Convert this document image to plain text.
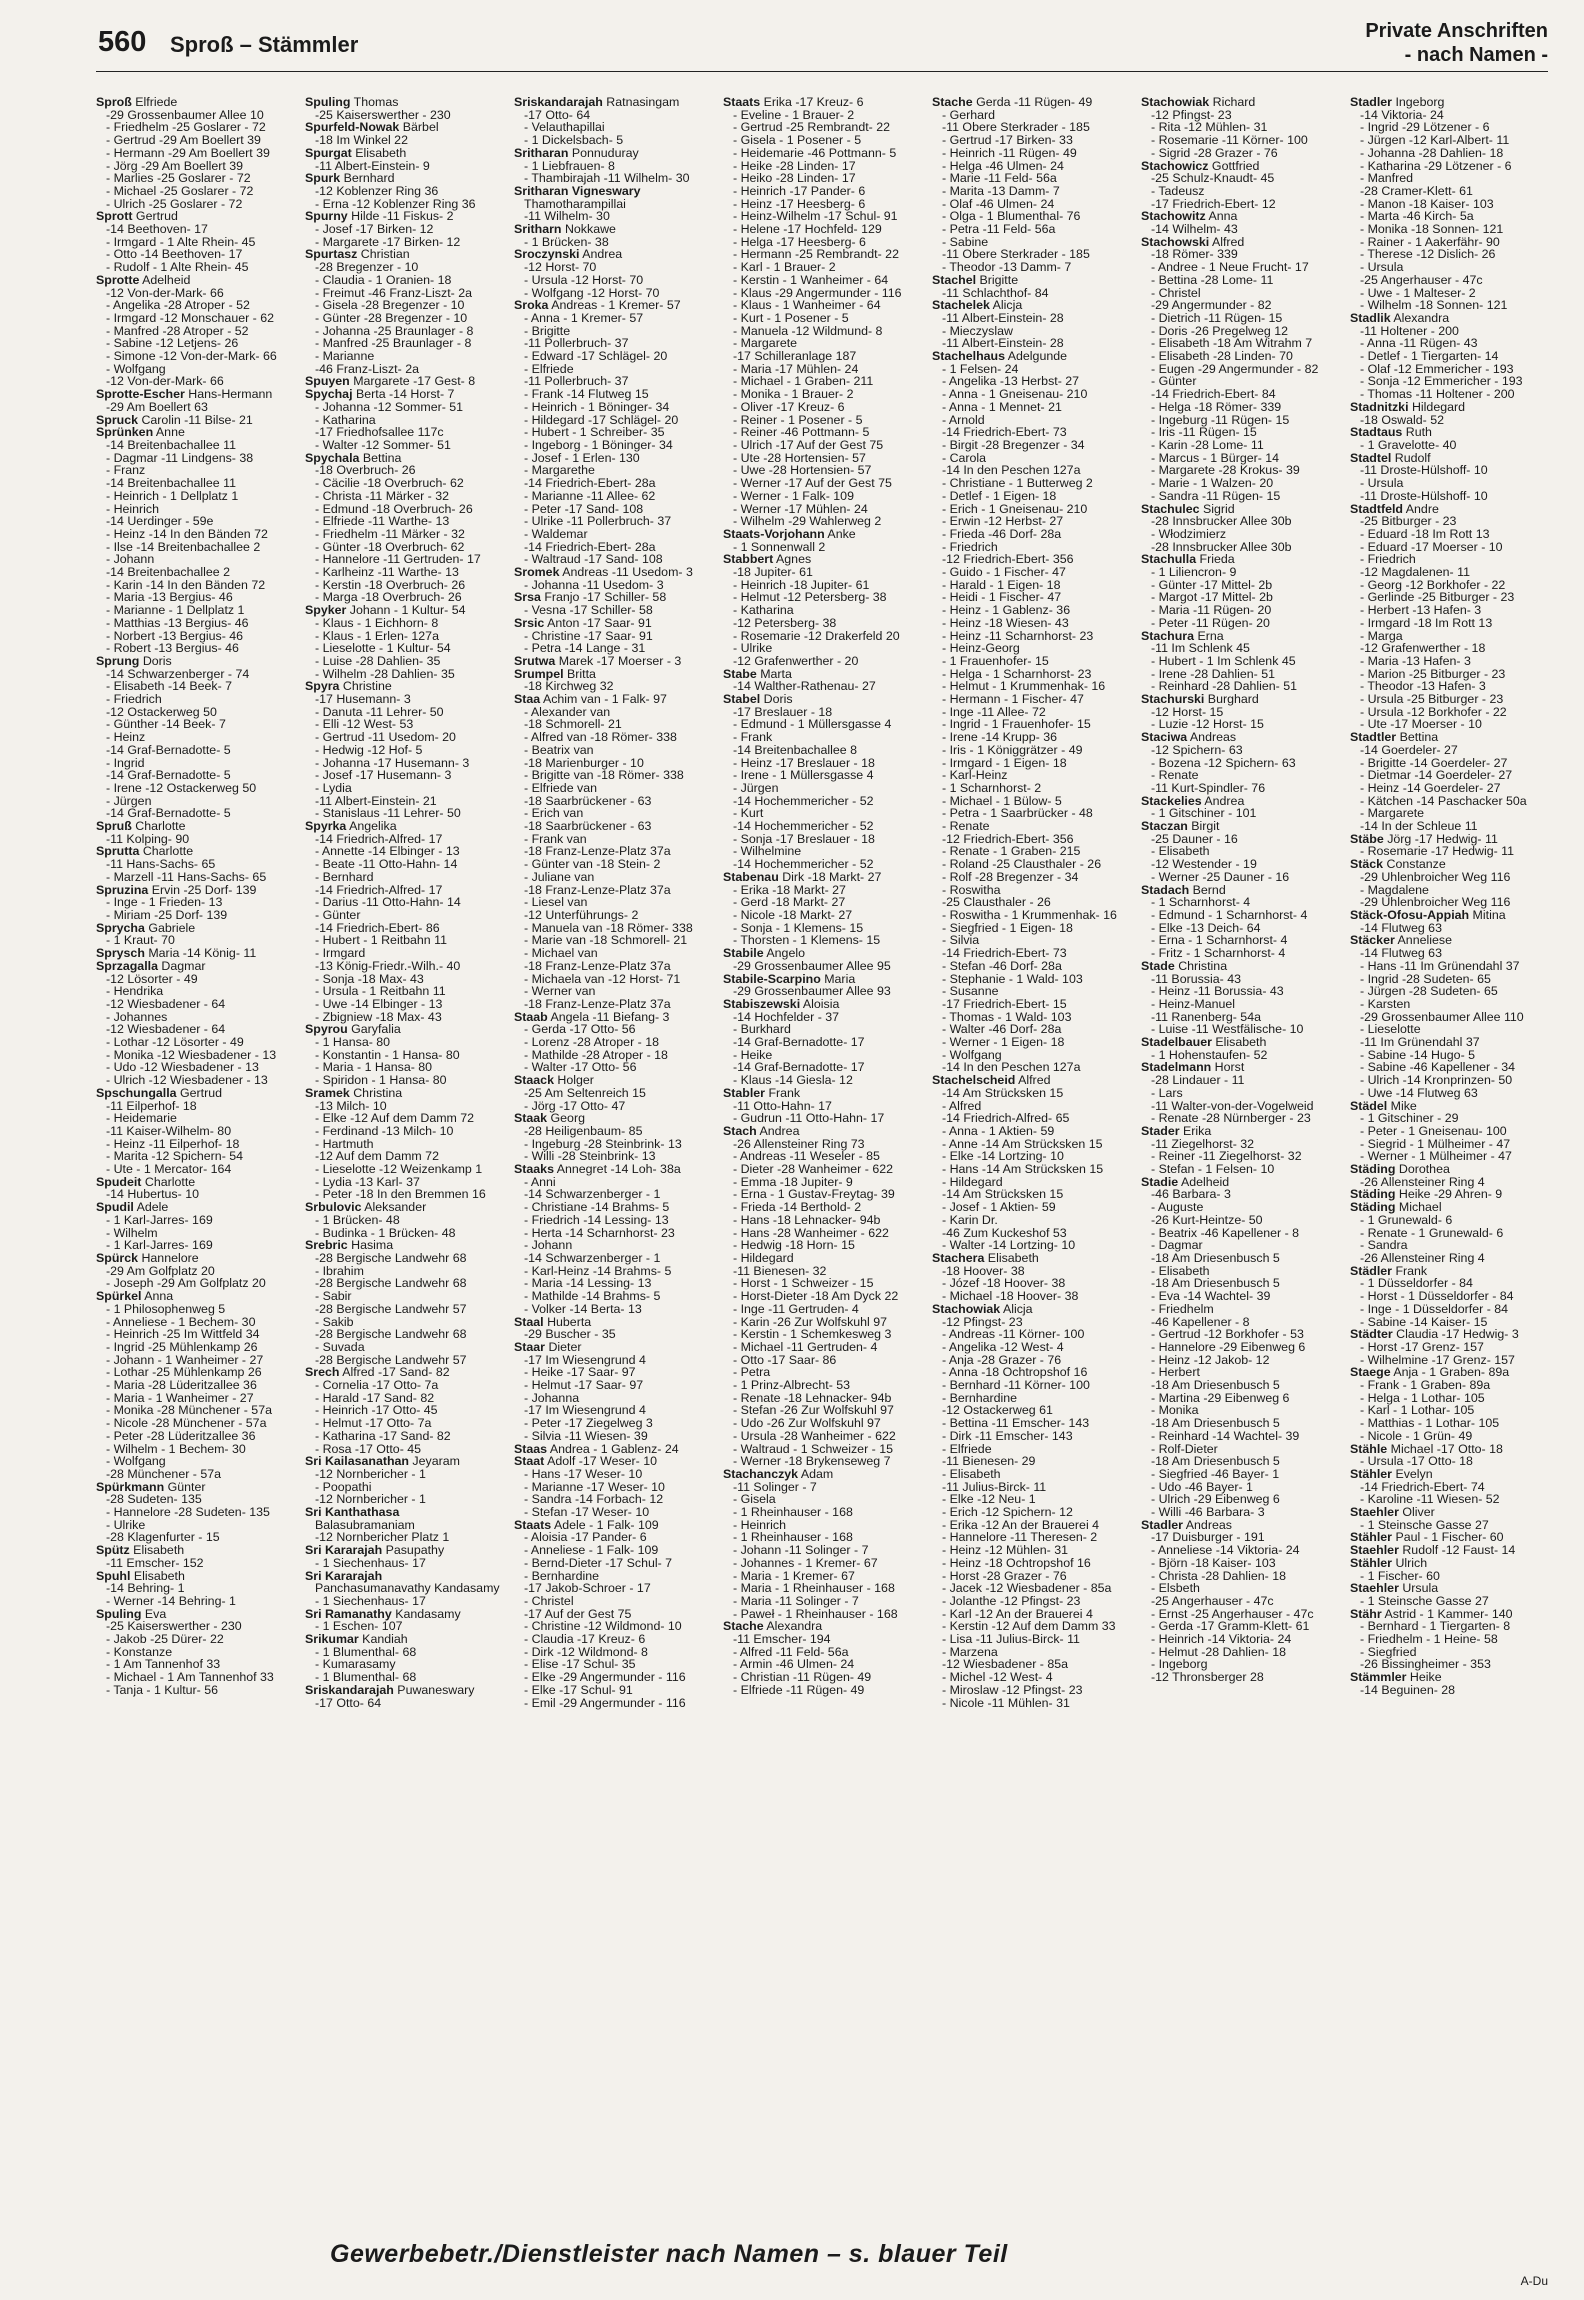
560 Sproß – Stämmler
Private Anschriften
- nach Namen -
Sproß Elfriede
-29 Grossenbaumer Allee 10
- Friedhelm -25 Goslarer - 72
- Gertrud -29 Am Boellert 39
- Hermann -29 Am Boellert 39
- Jörg -29 Am Boellert 39
- Marlies -25 Goslarer - 72
- Michael -25 Goslarer - 72
- Ulrich -25 Goslarer - 72
Sprott Gertrud
-14 Beethoven- 17
- Irmgard - 1 Alte Rhein- 45
- Otto -14 Beethoven- 17
- Rudolf - 1 Alte Rhein- 45
Sprotte Adelheid
-12 Von-der-Mark- 66
- Angelika -28 Atroper - 52
- Irmgard -12 Monschauer - 62
- Manfred -28 Atroper - 52
- Sabine -12 Letjens- 26
- Simone -12 Von-der-Mark- 66
- Wolfgang
-12 Von-der-Mark- 66
Sprotte-Escher Hans-Hermann
-29 Am Boellert 63
Spruck Carolin -11 Bilse- 21
Sprünken Anne
-14 Breitenbachallee 11
- Dagmar -11 Lindgens- 38
- Franz
-14 Breitenbachallee 11
- Heinrich - 1 Dellplatz 1
- Heinrich
-14 Uerdinger - 59e
- Heinz -14 In den Bänden 72
- Ilse -14 Breitenbachallee 2
- Johann
-14 Breitenbachallee 2
- Karin -14 In den Bänden 72
- Maria -13 Bergius- 46
- Marianne - 1 Dellplatz 1
- Matthias -13 Bergius- 46
- Norbert -13 Bergius- 46
- Robert -13 Bergius- 46
Sprung Doris
-14 Schwarzenberger - 74
- Elisabeth -14 Beek- 7
- Friedrich
-12 Ostackerweg 50
- Günther -14 Beek- 7
- Heinz
-14 Graf-Bernadotte- 5
- Ingrid
-14 Graf-Bernadotte- 5
- Irene -12 Ostackerweg 50
- Jürgen
-14 Graf-Bernadotte- 5
Spruß Charlotte
-11 Kolping- 90
Sprutta Charlotte
-11 Hans-Sachs- 65
- Marzell -11 Hans-Sachs- 65
Spruzina Ervin -25 Dorf- 139
- Inge - 1 Frieden- 13
- Miriam -25 Dorf- 139
Sprycha Gabriele
- 1 Kraut- 70
Sprysch Maria -14 König- 11
Sprzagalla Dagmar
-12 Lösorter - 49
- Hendrika
-12 Wiesbadener - 64
- Johannes
-12 Wiesbadener - 64
- Lothar -12 Lösorter - 49
- Monika -12 Wiesbadener - 13
- Udo -12 Wiesbadener - 13
- Ulrich -12 Wiesbadener - 13
Spschungalla Gertrud
-11 Eilperhof- 18
- Heidemarie
-11 Kaiser-Wilhelm- 80
- Heinz -11 Eilperhof- 18
- Marita -12 Spichern- 54
- Ute - 1 Mercator- 164
Spudeit Charlotte
-14 Hubertus- 10
Spudil Adele
- 1 Karl-Jarres- 169
- Wilhelm
- 1 Karl-Jarres- 169
Spürck Hannelore
-29 Am Golfplatz 20
- Joseph -29 Am Golfplatz 20
Spürkel Anna
- 1 Philosophenweg 5
- Anneliese - 1 Bechem- 30
- Heinrich -25 Im Wittfeld 34
- Ingrid -25 Mühlenkamp 26
- Johann - 1 Wanheimer - 27
- Lothar -25 Mühlenkamp 26
- Maria -28 Lüderitzallee 36
- Maria - 1 Wanheimer - 27
- Monika -28 Münchener - 57a
- Nicole -28 Münchener - 57a
- Peter -28 Lüderitzallee 36
- Wilhelm - 1 Bechem- 30
- Wolfgang
-28 Münchener - 57a
Spürkmann Günter
-28 Sudeten- 135
- Hannelore -28 Sudeten- 135
- Ulrike
-28 Klagenfurter - 15
Spütz Elisabeth
-11 Emscher- 152
Spuhl Elisabeth
-14 Behring- 1
- Werner -14 Behring- 1
Spuling Eva
-25 Kaiserswerther - 230
- Jakob -25 Dürer- 22
- Konstanze
- 1 Am Tannenhof 33
- Michael - 1 Am Tannenhof 33
- Tanja - 1 Kultur- 56
Spuling Thomas
-25 Kaiserswerther - 230
Spurfeld-Nowak Bärbel
-18 Im Winkel 22
Spurgat Elisabeth
-11 Albert-Einstein- 9
Spurk Bernhard
-12 Koblenzer Ring 36
- Erna -12 Koblenzer Ring 36
Spurny Hilde -11 Fiskus- 2
- Josef -17 Birken- 12
- Margarete -17 Birken- 12
Spurtasz Christian
-28 Bregenzer - 10
- Claudia - 1 Oranien- 18
- Freimut -46 Franz-Liszt- 2a
- Gisela -28 Bregenzer - 10
- Günter -28 Bregenzer - 10
- Johanna -25 Braunlager - 8
- Manfred -25 Braunlager - 8
- Marianne
-46 Franz-Liszt- 2a
Spuyen Margarete -17 Gest- 8
Spychaj Berta -14 Horst- 7
- Johanna -12 Sommer- 51
- Katharina
-17 Friedhofsallee 117c
- Walter -12 Sommer- 51
Spychala Bettina
-18 Overbruch- 26
- Cäcilie -18 Overbruch- 62
- Christa -11 Märker - 32
- Edmund -18 Overbruch- 26
- Elfriede -11 Warthe- 13
- Friedhelm -11 Märker - 32
- Günter -18 Overbruch- 62
- Hannelore -11 Gertruden- 17
- Karlheinz -11 Warthe- 13
- Kerstin -18 Overbruch- 26
- Marga -18 Overbruch- 26
Spyker Johann - 1 Kultur- 54
- Klaus - 1 Eichhorn- 8
- Klaus - 1 Erlen- 127a
- Lieselotte - 1 Kultur- 54
- Luise -28 Dahlien- 35
- Wilhelm -28 Dahlien- 35
Spyra Christine
-17 Husemann- 3
- Danuta -11 Lehrer- 50
- Elli -12 West- 53
- Gertrud -11 Usedom- 20
- Hedwig -12 Hof- 5
- Johanna -17 Husemann- 3
- Josef -17 Husemann- 3
- Lydia
-11 Albert-Einstein- 21
- Stanislaus -11 Lehrer- 50
Spyrka Angelika
-14 Friedrich-Alfred- 17
- Annette -14 Elbinger - 13
- Beate -11 Otto-Hahn- 14
- Bernhard
-14 Friedrich-Alfred- 17
- Darius -11 Otto-Hahn- 14
- Günter
-14 Friedrich-Ebert- 86
- Hubert - 1 Reitbahn 11
- Irmgard
-13 König-Friedr.-Wilh.- 40
- Sonja -18 Max- 43
- Ursula - 1 Reitbahn 11
- Uwe -14 Elbinger - 13
- Zbigniew -18 Max- 43
Spyrou Garyfalia
- 1 Hansa- 80
- Konstantin - 1 Hansa- 80
- Maria - 1 Hansa- 80
- Spiridon - 1 Hansa- 80
Sramek Christina
-13 Milch- 10
- Elke -12 Auf dem Damm 72
- Ferdinand -13 Milch- 10
- Hartmuth
-12 Auf dem Damm 72
- Lieselotte -12 Weizenkamp 1
- Lydia -13 Karl- 37
- Peter -18 In den Bremmen 16
Srbulovic Aleksander
- 1 Brücken- 48
- Budinka - 1 Brücken- 48
Srebric Hasima
-28 Bergische Landwehr 68
- Ibrahim
-28 Bergische Landwehr 68
- Sabir
-28 Bergische Landwehr 57
- Sakib
-28 Bergische Landwehr 68
- Suvada
-28 Bergische Landwehr 57
Srech Alfred -17 Sand- 82
- Cornelia -17 Otto- 7a
- Harald -17 Sand- 82
- Heinrich -17 Otto- 45
- Helmut -17 Otto- 7a
- Katharina -17 Sand- 82
- Rosa -17 Otto- 45
Sri Kailasanathan Jeyaram
-12 Nornbericher - 1
- Poopathi
-12 Nornbericher - 1
Sri Kanthathasa
Balasubramaniam
-12 Nornbericher Platz 1
Sri Kararajah Pasupathy
- 1 Siechenhaus- 17
Sri Kararajah
Panchasumanavathy Kandasamy
- 1 Siechenhaus- 17
Sri Ramanathy Kandasamy
- 1 Eschen- 107
Srikumar Kandiah
- 1 Blumenthal- 68
- Kumarasamy
- 1 Blumenthal- 68
Sriskandarajah Puwaneswary
-17 Otto- 64
Sriskandarajah Ratnasingam
-17 Otto- 64
- Velauthapillai
- 1 Dickelsbach- 5
Sritharan Ponnuduray
- 1 Liebfrauen- 8
- Thambirajah -11 Wilhelm- 30
Sritharan Vigneswary
Thamotharampillai
-11 Wilhelm- 30
Sritharn Nokkawe
- 1 Brücken- 38
Sroczynski Andrea
-12 Horst- 70
- Ursula -12 Horst- 70
- Wolfgang -12 Horst- 70
Sroka Andreas - 1 Kremer- 57
- Anna - 1 Kremer- 57
- Brigitte
-11 Pollerbruch- 37
- Edward -17 Schlägel- 20
- Elfriede
-11 Pollerbruch- 37
- Frank -14 Flutweg 15
- Heinrich - 1 Böninger- 34
- Hildegard -17 Schlägel- 20
- Hubert - 1 Schreiber- 35
- Ingeborg - 1 Böninger- 34
- Josef - 1 Erlen- 130
- Margarethe
-14 Friedrich-Ebert- 28a
- Marianne -11 Allee- 62
- Peter -17 Sand- 108
- Ulrike -11 Pollerbruch- 37
- Waldemar
-14 Friedrich-Ebert- 28a
- Waltraud -17 Sand- 108
Sromek Andreas -11 Usedom- 3
- Johanna -11 Usedom- 3
Srsa Franjo -17 Schiller- 58
- Vesna -17 Schiller- 58
Srsic Anton -17 Saar- 91
- Christine -17 Saar- 91
- Petra -14 Lange - 31
Srutwa Marek -17 Moerser - 3
Srumpel Britta
-18 Kirchweg 32
Staa Achim van - 1 Falk- 97
- Alexander van
-18 Schmorell- 21
- Alfred van -18 Römer- 338
- Beatrix van
-18 Marienburger - 10
- Brigitte van -18 Römer- 338
- Elfriede van
-18 Saarbrückener - 63
- Erich van
-18 Saarbrückener - 63
- Frank van
-18 Franz-Lenze-Platz 37a
- Günter van -18 Stein- 2
- Juliane van
-18 Franz-Lenze-Platz 37a
- Liesel van
-12 Unterführungs- 2
- Manuela van -18 Römer- 338
- Marie van -18 Schmorell- 21
- Michael van
-18 Franz-Lenze-Platz 37a
- Michaela van -12 Horst- 71
- Werner van
-18 Franz-Lenze-Platz 37a
Staab Angela -11 Biefang- 3
- Gerda -17 Otto- 56
- Lorenz -28 Atroper - 18
- Mathilde -28 Atroper - 18
- Walter -17 Otto- 56
Staack Holger
-25 Am Seltenreich 15
- Jörg -17 Otto- 47
Staak Georg
-28 Heiligenbaum- 85
- Ingeburg -28 Steinbrink- 13
- Willi -28 Steinbrink- 13
Staaks Annegret -14 Loh- 38a
- Anni
-14 Schwarzenberger - 1
- Christiane -14 Brahms- 5
- Friedrich -14 Lessing- 13
- Herta -14 Scharnhorst- 23
- Johann
-14 Schwarzenberger - 1
- Karl-Heinz -14 Brahms- 5
- Maria -14 Lessing- 13
- Mathilde -14 Brahms- 5
- Volker -14 Berta- 13
Staal Huberta
-29 Buscher - 35
Staar Dieter
-17 Im Wiesengrund 4
- Heike -17 Saar- 97
- Helmut -17 Saar- 97
- Johanna
-17 Im Wiesengrund 4
- Peter -17 Ziegelweg 3
- Silvia -11 Wiesen- 39
Staas Andrea - 1 Gablenz- 24
Staat Adolf -17 Weser- 10
- Hans -17 Weser- 10
- Marianne -17 Weser- 10
- Sandra -14 Forbach- 12
- Stefan -17 Weser- 10
Staats Adele - 1 Falk- 109
- Aloisia -17 Pander- 6
- Anneliese - 1 Falk- 109
- Bernd-Dieter -17 Schul- 7
- Bernhardine
-17 Jakob-Schroer - 17
- Christel
-17 Auf der Gest 75
- Christine -12 Wildmond- 10
- Claudia -17 Kreuz- 6
- Dirk -12 Wildmond- 8
- Elise -17 Schul- 35
- Elke -29 Angermunder - 116
- Elke -17 Schul- 91
- Emil -29 Angermunder - 116
Staats Erika -17 Kreuz- 6
- Eveline - 1 Brauer- 2
- Gertrud -25 Rembrandt- 22
- Gisela - 1 Posener - 5
- Heidemarie -46 Pottmann- 5
- Heike -28 Linden- 17
- Heiko -28 Linden- 17
- Heinrich -17 Pander- 6
- Heinz -17 Heesberg- 6
- Heinz-Wilhelm -17 Schul- 91
- Helene -17 Hochfeld- 129
- Helga -17 Heesberg- 6
- Hermann -25 Rembrandt- 22
- Karl - 1 Brauer- 2
- Kerstin - 1 Wanheimer - 64
- Klaus -29 Angermunder - 116
- Klaus - 1 Wanheimer - 64
- Kurt - 1 Posener - 5
- Manuela -12 Wildmund- 8
- Margarete
-17 Schilleranlage 187
- Maria -17 Mühlen- 24
- Michael - 1 Graben- 211
- Monika - 1 Brauer- 2
- Oliver -17 Kreuz- 6
- Reiner - 1 Posener - 5
- Reiner -46 Pottmann- 5
- Ulrich -17 Auf der Gest 75
- Ute -28 Hortensien- 57
- Uwe -28 Hortensien- 57
- Werner -17 Auf der Gest 75
- Werner - 1 Falk- 109
- Werner -17 Mühlen- 24
- Wilhelm -29 Wahlerweg 2
Staats-Vorjohann Anke
- 1 Sonnenwall 2
Stabbert Agnes
-18 Jupiter- 61
- Heinrich -18 Jupiter- 61
- Helmut -12 Petersberg- 38
- Katharina
-12 Petersberg- 38
- Rosemarie -12 Drakerfeld 20
- Ulrike
-12 Grafenwerther - 20
Stabe Marta
-14 Walther-Rathenau- 27
Stabel Doris
-17 Breslauer - 18
- Edmund - 1 Müllersgasse 4
- Frank
-14 Breitenbachallee 8
- Heinz -17 Breslauer - 18
- Irene - 1 Müllersgasse 4
- Jürgen
-14 Hochemmericher - 52
- Kurt
-14 Hochemmericher - 52
- Sonja -17 Breslauer - 18
- Wilhelmine
-14 Hochemmericher - 52
Stabenau Dirk -18 Markt- 27
- Erika -18 Markt- 27
- Gerd -18 Markt- 27
- Nicole -18 Markt- 27
- Sonja - 1 Klemens- 15
- Thorsten - 1 Klemens- 15
Stabile Angelo
-29 Grossenbaumer Allee 95
Stabile-Scarpino Maria
-29 Grossenbaumer Allee 93
Stabiszewski Aloisia
-14 Hochfelder - 37
- Burkhard
-14 Graf-Bernadotte- 17
- Heike
-14 Graf-Bernadotte- 17
- Klaus -14 Giesla- 12
Stabler Frank
-11 Otto-Hahn- 17
- Gudrun -11 Otto-Hahn- 17
Stach Andrea
-26 Allensteiner Ring 73
- Andreas -11 Weseler - 85
- Dieter -28 Wanheimer - 622
- Emma -18 Jupiter- 9
- Erna - 1 Gustav-Freytag- 39
- Frieda -14 Berthold- 2
- Hans -18 Lehnacker- 94b
- Hans -28 Wanheimer - 622
- Hedwig -18 Horn- 15
- Hildegard
-11 Bienesen- 32
- Horst - 1 Schweizer - 15
- Horst-Dieter -18 Am Dyck 22
- Inge -11 Gertruden- 4
- Karin -26 Zur Wolfskuhl 97
- Kerstin - 1 Schemkesweg 3
- Michael -11 Gertruden- 4
- Otto -17 Saar- 86
- Petra
- 1 Prinz-Albrecht- 53
- Renate -18 Lehnacker- 94b
- Stefan -26 Zur Wolfskuhl 97
- Udo -26 Zur Wolfskuhl 97
- Ursula -28 Wanheimer - 622
- Waltraud - 1 Schweizer - 15
- Werner -18 Brykenseweg 7
Stachanczyk Adam
-11 Solinger - 7
- Gisela
- 1 Rheinhauser - 168
- Heinrich
- 1 Rheinhauser - 168
- Johann -11 Solinger - 7
- Johannes - 1 Kremer- 67
- Maria - 1 Kremer- 67
- Maria - 1 Rheinhauser - 168
- Maria -11 Solinger - 7
- Paweł - 1 Rheinhauser - 168
Stache Alexandra
-11 Emscher- 194
- Alfred -11 Feld- 56a
- Armin -46 Ulmen- 24
- Christian -11 Rügen- 49
- Elfriede -11 Rügen- 49
Stache Gerda -11 Rügen- 49
- Gerhard
-11 Obere Sterkrader - 185
- Gertrud -17 Birken- 33
- Heinrich -11 Rügen- 49
- Helga -46 Ulmen- 24
- Marie -11 Feld- 56a
- Marita -13 Damm- 7
- Olaf -46 Ulmen- 24
- Olga - 1 Blumenthal- 76
- Petra -11 Feld- 56a
- Sabine
-11 Obere Sterkrader - 185
- Theodor -13 Damm- 7
Stachel Brigitte
-11 Schlachthof- 84
Stachelek Alicja
-11 Albert-Einstein- 28
- Mieczyslaw
-11 Albert-Einstein- 28
Stachelhaus Adelgunde
- 1 Felsen- 24
- Angelika -13 Herbst- 27
- Anna - 1 Gneisenau- 210
- Anna - 1 Mennet- 21
- Arnold
-14 Friedrich-Ebert- 73
- Birgit -28 Bregenzer - 34
- Carola
-14 In den Peschen 127a
- Christiane - 1 Butterweg 2
- Detlef - 1 Eigen- 18
- Erich - 1 Gneisenau- 210
- Erwin -12 Herbst- 27
- Frieda -46 Dorf- 28a
- Friedrich
-12 Friedrich-Ebert- 356
- Guido - 1 Fischer- 47
- Harald - 1 Eigen- 18
- Heidi - 1 Fischer- 47
- Heinz - 1 Gablenz- 36
- Heinz -18 Wiesen- 43
- Heinz -11 Scharnhorst- 23
- Heinz-Georg
- 1 Frauenhofer- 15
- Helga - 1 Scharnhorst- 23
- Helmut - 1 Krummenhak- 16
- Hermann - 1 Fischer- 47
- Inge -11 Allee- 72
- Ingrid - 1 Frauenhofer- 15
- Irene -14 Krupp- 36
- Iris - 1 Königgrätzer - 49
- Irmgard - 1 Eigen- 18
- Karl-Heinz
- 1 Scharnhorst- 2
- Michael - 1 Bülow- 5
- Petra - 1 Saarbrücker - 48
- Renate
-12 Friedrich-Ebert- 356
- Renate - 1 Graben- 215
- Roland -25 Clausthaler - 26
- Rolf -28 Bregenzer - 34
- Roswitha
-25 Clausthaler - 26
- Roswitha - 1 Krummenhak- 16
- Siegfried - 1 Eigen- 18
- Silvia
-14 Friedrich-Ebert- 73
- Stefan -46 Dorf- 28a
- Stephanie - 1 Wald- 103
- Susanne
-17 Friedrich-Ebert- 15
- Thomas - 1 Wald- 103
- Walter -46 Dorf- 28a
- Werner - 1 Eigen- 18
- Wolfgang
-14 In den Peschen 127a
Stachelscheid Alfred
-14 Am Strücksken 15
- Alfred
-14 Friedrich-Alfred- 65
- Anna - 1 Aktien- 59
- Anne -14 Am Strücksken 15
- Elke -14 Lortzing- 10
- Hans -14 Am Strücksken 15
- Hildegard
-14 Am Strücksken 15
- Josef - 1 Aktien- 59
- Karin Dr.
-46 Zum Kuckeshof 53
- Walter -14 Lortzing- 10
Stachera Elisabeth
-18 Hoover- 38
- Józef -18 Hoover- 38
- Michael -18 Hoover- 38
Stachowiak Alicja
-12 Pfingst- 23
- Andreas -11 Körner- 100
- Angelika -12 West- 4
- Anja -28 Grazer - 76
- Anna -18 Ochtropshof 16
- Bernhard -11 Körner- 100
- Bernhardine
-12 Ostackerweg 61
- Bettina -11 Emscher- 143
- Dirk -11 Emscher- 143
- Elfriede
-11 Bienesen- 29
- Elisabeth
-11 Julius-Birck- 11
- Elke -12 Neu- 1
- Erich -12 Spichern- 12
- Erika -12 An der Brauerei 4
- Hannelore -11 Theresen- 2
- Heinz -12 Mühlen- 31
- Heinz -18 Ochtropshof 16
- Horst -28 Grazer - 76
- Jacek -12 Wiesbadener - 85a
- Jolanthe -12 Pfingst- 23
- Karl -12 An der Brauerei 4
- Kerstin -12 Auf dem Damm 33
- Lisa -11 Julius-Birck- 11
- Marzena
-12 Wiesbadener - 85a
- Michel -12 West- 4
- Miroslaw -12 Pfingst- 23
- Nicole -11 Mühlen- 31
Stachowiak Richard
-12 Pfingst- 23
- Rita -12 Mühlen- 31
- Rosemarie -11 Körner- 100
- Sigrid -28 Grazer - 76
Stachowicz Gottfried
-25 Schulz-Knaudt- 45
- Tadeusz
-17 Friedrich-Ebert- 12
Stachowitz Anna
-14 Wilhelm- 43
Stachowski Alfred
-18 Römer- 339
- Andree - 1 Neue Frucht- 17
- Bettina -28 Lome- 11
- Christel
-29 Angermunder - 82
- Dietrich -11 Rügen- 15
- Doris -26 Pregelweg 12
- Elisabeth -18 Am Witrahm 7
- Elisabeth -28 Linden- 70
- Eugen -29 Angermunder - 82
- Günter
-14 Friedrich-Ebert- 84
- Helga -18 Römer- 339
- Ingeburg -11 Rügen- 15
- Iris -11 Rügen- 15
- Karin -28 Lome- 11
- Marcus - 1 Bürger- 14
- Margarete -28 Krokus- 39
- Marie - 1 Walzen- 20
- Sandra -11 Rügen- 15
Stachulec Sigrid
-28 Innsbrucker Allee 30b
- Włodzimierz
-28 Innsbrucker Allee 30b
Stachulla Frieda
- 1 Liliencron- 9
- Günter -17 Mittel- 2b
- Margot -17 Mittel- 2b
- Maria -11 Rügen- 20
- Peter -11 Rügen- 20
Stachura Erna
-11 Im Schlenk 45
- Hubert - 1 Im Schlenk 45
- Irene -28 Dahlien- 51
- Reinhard -28 Dahlien- 51
Stachurski Burghard
-12 Horst- 15
- Luzie -12 Horst- 15
Staciwa Andreas
-12 Spichern- 63
- Bozena -12 Spichern- 63
- Renate
-11 Kurt-Spindler- 76
Stackelies Andrea
- 1 Gitschiner - 101
Staczan Birgit
-25 Dauner - 16
- Elisabeth
-12 Westender - 19
- Werner -25 Dauner - 16
Stadach Bernd
- 1 Scharnhorst- 4
- Edmund - 1 Scharnhorst- 4
- Elke -13 Deich- 64
- Erna - 1 Scharnhorst- 4
- Fritz - 1 Scharnhorst- 4
Stade Christina
-11 Borussia- 43
- Heinz -11 Borussia- 43
- Heinz-Manuel
-11 Ranenberg- 54a
- Luise -11 Westfälische- 10
Stadelbauer Elisabeth
- 1 Hohenstaufen- 52
Stadelmann Horst
-28 Lindauer - 11
- Lars
-11 Walter-von-der-Vogelweid
- Renate -28 Nürnberger - 23
Stader Erika
-11 Ziegelhorst- 32
- Reiner -11 Ziegelhorst- 32
- Stefan - 1 Felsen- 10
Stadie Adelheid
-46 Barbara- 3
- Auguste
-26 Kurt-Heintze- 50
- Beatrix -46 Kapellener - 8
- Dagmar
-18 Am Driesenbusch 5
- Elisabeth
-18 Am Driesenbusch 5
- Eva -14 Wachtel- 39
- Friedhelm
-46 Kapellener - 8
- Gertrud -12 Borkhofer - 53
- Hannelore -29 Eibenweg 6
- Heinz -12 Jakob- 12
- Herbert
-18 Am Driesenbusch 5
- Martina -29 Eibenweg 6
- Monika
-18 Am Driesenbusch 5
- Reinhard -14 Wachtel- 39
- Rolf-Dieter
-18 Am Driesenbusch 5
- Siegfried -46 Bayer- 1
- Udo -46 Bayer- 1
- Ulrich -29 Eibenweg 6
- Willi -46 Barbara- 3
Stadler Andreas
-17 Duisburger - 191
- Anneliese -14 Viktoria- 24
- Björn -18 Kaiser- 103
- Christa -28 Dahlien- 18
- Elsbeth
-25 Angerhauser - 47c
- Ernst -25 Angerhauser - 47c
- Gerda -17 Gramm-Klett- 61
- Heinrich -14 Viktoria- 24
- Helmut -28 Dahlien- 18
- Ingeborg
-12 Thronsberger 28
Stadler Ingeborg
-14 Viktoria- 24
- Ingrid -29 Lötzener - 6
- Jürgen -12 Karl-Albert- 11
- Johanna -28 Dahlien- 18
- Katharina -29 Lötzener - 6
- Manfred
-28 Cramer-Klett- 61
- Manon -18 Kaiser- 103
- Marta -46 Kirch- 5a
- Monika -18 Sonnen- 121
- Rainer - 1 Aakerfähr- 90
- Therese -12 Dislich- 26
- Ursula
-25 Angerhauser - 47c
- Uwe - 1 Malteser- 2
- Wilhelm -18 Sonnen- 121
Stadlik Alexandra
-11 Holtener - 200
- Anna -11 Rügen- 43
- Detlef - 1 Tiergarten- 14
- Olaf -12 Emmericher - 193
- Sonja -12 Emmericher - 193
- Thomas -11 Holtener - 200
Stadnitzki Hildegard
-18 Oswald- 52
Stadtaus Ruth
- 1 Gravelotte- 40
Stadtel Rudolf
-11 Droste-Hülshoff- 10
- Ursula
-11 Droste-Hülshoff- 10
Stadtfeld Andre
-25 Bitburger - 23
- Eduard -18 Im Rott 13
- Eduard -17 Moerser - 10
- Friedrich
-12 Magdalenen- 11
- Georg -12 Borkhofer - 22
- Gerlinde -25 Bitburger - 23
- Herbert -13 Hafen- 3
- Irmgard -18 Im Rott 13
- Marga
-12 Grafenwerther - 18
- Maria -13 Hafen- 3
- Marion -25 Bitburger - 23
- Theodor -13 Hafen- 3
- Ursula -25 Bitburger - 23
- Ursula -12 Borkhofer - 22
- Ute -17 Moerser - 10
Stadtler Bettina
-14 Goerdeler- 27
- Brigitte -14 Goerdeler- 27
- Dietmar -14 Goerdeler- 27
- Heinz -14 Goerdeler- 27
- Kätchen -14 Paschacker 50a
- Margarete
-14 In der Schleue 11
Stäbe Jörg -17 Hedwig- 11
- Rosemarie -17 Hedwig- 11
Stäck Constanze
-29 Uhlenbroicher Weg 116
- Magdalene
-29 Uhlenbroicher Weg 116
Stäck-Ofosu-Appiah Mitina
-14 Flutweg 63
Stäcker Anneliese
-14 Flutweg 63
- Hans -11 Im Grünendahl 37
- Ingrid -28 Sudeten- 65
- Jürgen -28 Sudeten- 65
- Karsten
-29 Grossenbaumer Allee 110
- Lieselotte
-11 Im Grünendahl 37
- Sabine -14 Hugo- 5
- Sabine -46 Kapellener - 34
- Ulrich -14 Kronprinzen- 50
- Uwe -14 Flutweg 63
Städel Mike
- 1 Gitschiner - 29
- Peter - 1 Gneisenau- 100
- Siegrid - 1 Mülheimer - 47
- Werner - 1 Mülheimer - 47
Städing Dorothea
-26 Allensteiner Ring 4
Städing Heike -29 Ahren- 9
Städing Michael
- 1 Grunewald- 6
- Renate - 1 Grunewald- 6
- Sandra
-26 Allensteiner Ring 4
Städler Frank
- 1 Düsseldorfer - 84
- Horst - 1 Düsseldorfer - 84
- Inge - 1 Düsseldorfer - 84
- Sabine -14 Kaiser- 15
Städter Claudia -17 Hedwig- 3
- Horst -17 Grenz- 157
- Wilhelmine -17 Grenz- 157
Staege Anja - 1 Graben- 89a
- Frank - 1 Graben- 89a
- Helga - 1 Lothar- 105
- Karl - 1 Lothar- 105
- Matthias - 1 Lothar- 105
- Nicole - 1 Grün- 49
Stähle Michael -17 Otto- 18
- Ursula -17 Otto- 18
Stähler Evelyn
-14 Friedrich-Ebert- 74
- Karoline -11 Wiesen- 52
Staehler Oliver
- 1 Steinsche Gasse 27
Stähler Paul - 1 Fischer- 60
Staehler Rudolf -12 Faust- 14
Stähler Ulrich
- 1 Fischer- 60
Staehler Ursula
- 1 Steinsche Gasse 27
Stähr Astrid - 1 Kammer- 140
- Bernhard - 1 Tiergarten- 8
- Friedhelm - 1 Heine- 58
- Siegfried
-26 Bissingheimer - 353
Stämmler Heike
-14 Beguinen- 28
Gewerbebetr./Dienstleister nach Namen – s. blauer Teil
A-Du
